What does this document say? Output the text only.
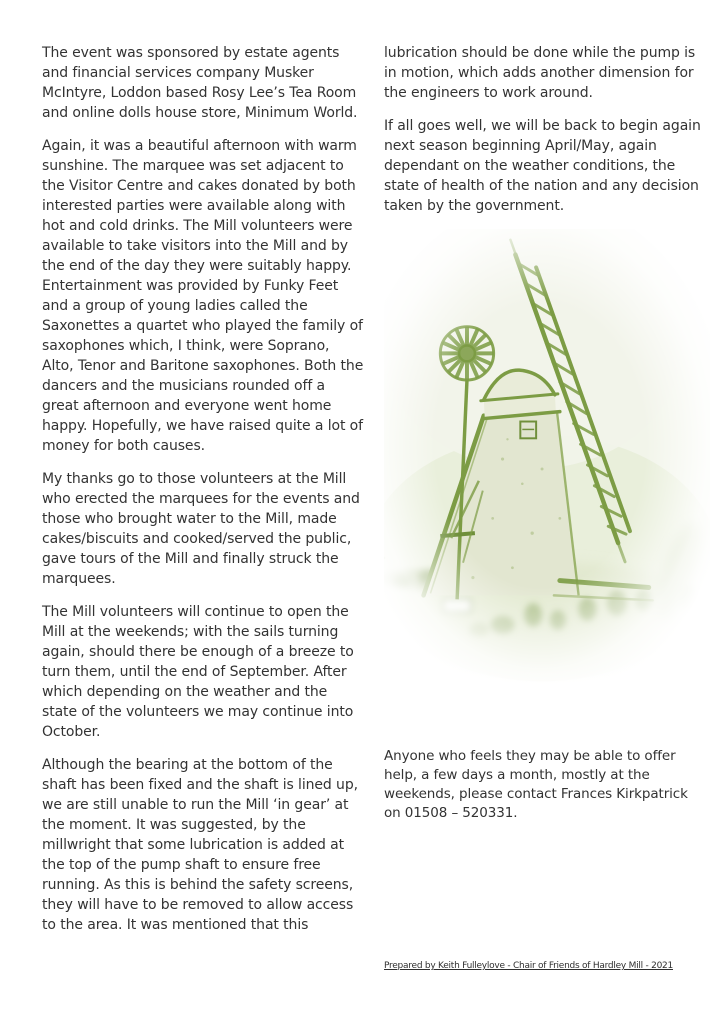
The event was sponsored by estate agents and financial services company Musker McIntyre, Loddon based Rosy Lee’s Tea Room and online dolls house store, Minimum World.

Again, it was a beautiful afternoon with warm sunshine. The marquee was set adjacent to the Visitor Centre and cakes donated by both interested parties were available along with hot and cold drinks. The Mill volunteers were available to take visitors into the Mill and by the end of the day they were suitably happy. Entertainment was provided by Funky Feet and a group of young ladies called the Saxonettes a quartet who played the family of saxophones which, I think, were Soprano, Alto, Tenor and Baritone saxophones. Both the dancers and the musicians rounded off a great afternoon and everyone went home happy. Hopefully, we have raised quite a lot of money for both causes.

My thanks go to those volunteers at the Mill who erected the marquees for the events and those who brought water to the Mill, made cakes/biscuits and cooked/served the public, gave tours of the Mill and finally struck the marquees.

The Mill volunteers will continue to open the Mill at the weekends; with the sails turning again, should there be enough of a breeze to turn them, until the end of September. After which depending on the weather and the state of the volunteers we may continue into October.

Although the bearing at the bottom of the shaft has been fixed and the shaft is lined up, we are still unable to run the Mill ‘in gear’ at the moment. It was suggested, by the millwright that some lubrication is added at the top of the pump shaft to ensure free running. As this is behind the safety screens, they will have to be removed to allow access to the area. It was mentioned that this

lubrication should be done while the pump is in motion, which adds another dimension for the engineers to work around.

If all goes well, we will be back to begin again next season beginning April/May, again dependant on the weather conditions, the state of health of the nation and any decision taken by the government.

Anyone who feels they may be able to offer help, a few days a month, mostly at the weekends, please contact Frances Kirkpatrick on 01508 – 520331.

Prepared by Keith Fulleylove - Chair of Friends of Hardley Mill - 2021
